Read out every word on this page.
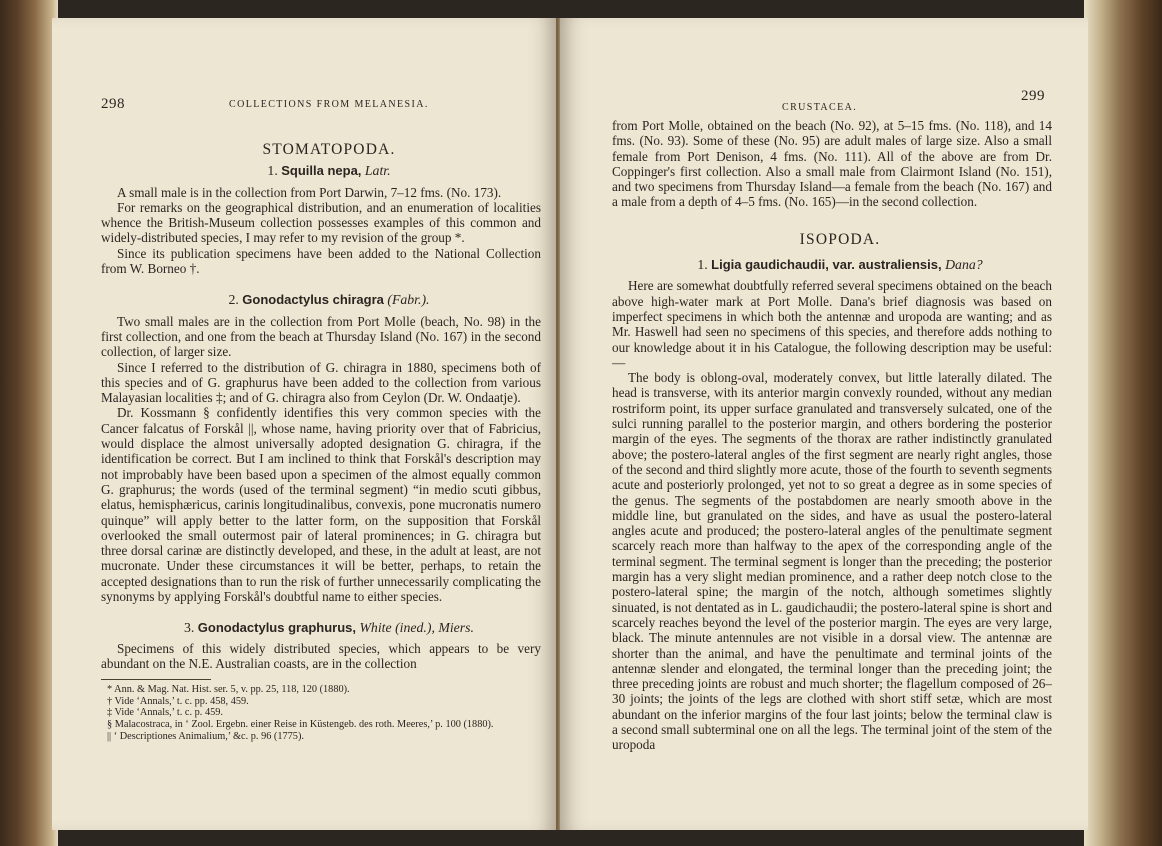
298	COLLECTIONS FROM MELANESIA.

STOMATOPODA.

1. Squilla nepa, Latr.

A small male is in the collection from Port Darwin, 7–12 fms. (No. 173).

For remarks on the geographical distribution, and an enumeration of localities whence the British-Museum collection possesses examples of this common and widely-distributed species, I may refer to my revision of the group *.

Since its publication specimens have been added to the National Collection from W. Borneo †.

2. Gonodactylus chiragra (Fabr.).

Two small males are in the collection from Port Molle (beach, No. 98) in the first collection, and one from the beach at Thursday Island (No. 167) in the second collection, of larger size.

Since I referred to the distribution of G. chiragra in 1880, specimens both of this species and of G. graphurus have been added to the collection from various Malayasian localities ‡; and of G. chiragra also from Ceylon (Dr. W. Ondaatje).

Dr. Kossmann § confidently identifies this very common species with the Cancer falcatus of Forskål ||, whose name, having priority over that of Fabricius, would displace the almost universally adopted designation G. chiragra, if the identification be correct. But I am inclined to think that Forskål's description may not improbably have been based upon a specimen of the almost equally common G. graphurus; the words (used of the terminal segment) “in medio scuti gibbus, elatus, hemisphæricus, carinis longitudinalibus, convexis, pone mucronatis numero quinque” will apply better to the latter form, on the supposition that Forskål overlooked the small outermost pair of lateral prominences; in G. chiragra but three dorsal carinæ are distinctly developed, and these, in the adult at least, are not mucronate. Under these circumstances it will be better, perhaps, to retain the accepted designations than to run the risk of further unnecessarily complicating the synonyms by applying Forskål's doubtful name to either species.

3. Gonodactylus graphurus, White (ined.), Miers.

Specimens of this widely distributed species, which appears to be very abundant on the N.E. Australian coasts, are in the collection

* Ann. & Mag. Nat. Hist. ser. 5, v. pp. 25, 118, 120 (1880).

† Vide ‘Annals,’ t. c. pp. 458, 459.

‡ Vide ‘Annals,’ t. c. p. 459.

§ Malacostraca, in ‘ Zool. Ergebn. einer Reise in Küstengeb. des roth. Meeres,’ p. 100 (1880).

|| ‘ Descriptiones Animalium,’ &c. p. 96 (1775).

CRUSTACEA.
299

from Port Molle, obtained on the beach (No. 92), at 5–15 fms. (No. 118), and 14 fms. (No. 93). Some of these (No. 95) are adult males of large size. Also a small female from Port Denison, 4 fms. (No. 111). All of the above are from Dr. Coppinger's first collection. Also a small male from Clairmont Island (No. 151), and two specimens from Thursday Island—a female from the beach (No. 167) and a male from a depth of 4–5 fms. (No. 165)—in the second collection.

ISOPODA.

1. Ligia gaudichaudii, var. australiensis, Dana?

Here are somewhat doubtfully referred several specimens obtained on the beach above high-water mark at Port Molle. Dana's brief diagnosis was based on imperfect specimens in which both the antennæ and uropoda are wanting; and as Mr. Haswell had seen no specimens of this species, and therefore adds nothing to our knowledge about it in his Catalogue, the following description may be useful:—

The body is oblong-oval, moderately convex, but little laterally dilated. The head is transverse, with its anterior margin convexly rounded, without any median rostriform point, its upper surface granulated and transversely sulcated, one of the sulci running parallel to the posterior margin, and others bordering the posterior margin of the eyes. The segments of the thorax are rather indistinctly granulated above; the postero-lateral angles of the first segment are nearly right angles, those of the second and third slightly more acute, those of the fourth to seventh segments acute and posteriorly prolonged, yet not to so great a degree as in some species of the genus. The segments of the postabdomen are nearly smooth above in the middle line, but granulated on the sides, and have as usual the postero-lateral angles acute and produced; the postero-lateral angles of the penultimate segment scarcely reach more than halfway to the apex of the corresponding angle of the terminal segment. The terminal segment is longer than the preceding; the posterior margin has a very slight median prominence, and a rather deep notch close to the postero-lateral spine; the margin of the notch, although sometimes slightly sinuated, is not dentated as in L. gaudichaudii; the postero-lateral spine is short and scarcely reaches beyond the level of the posterior margin. The eyes are very large, black. The minute antennules are not visible in a dorsal view. The antennæ are shorter than the animal, and have the penultimate and terminal joints of the antennæ slender and elongated, the terminal longer than the preceding joint; the three preceding joints are robust and much shorter; the flagellum composed of 26–30 joints; the joints of the legs are clothed with short stiff setæ, which are most abundant on the inferior margins of the four last joints; below the terminal claw is a second small subterminal one on all the legs. The terminal joint of the stem of the uropoda
